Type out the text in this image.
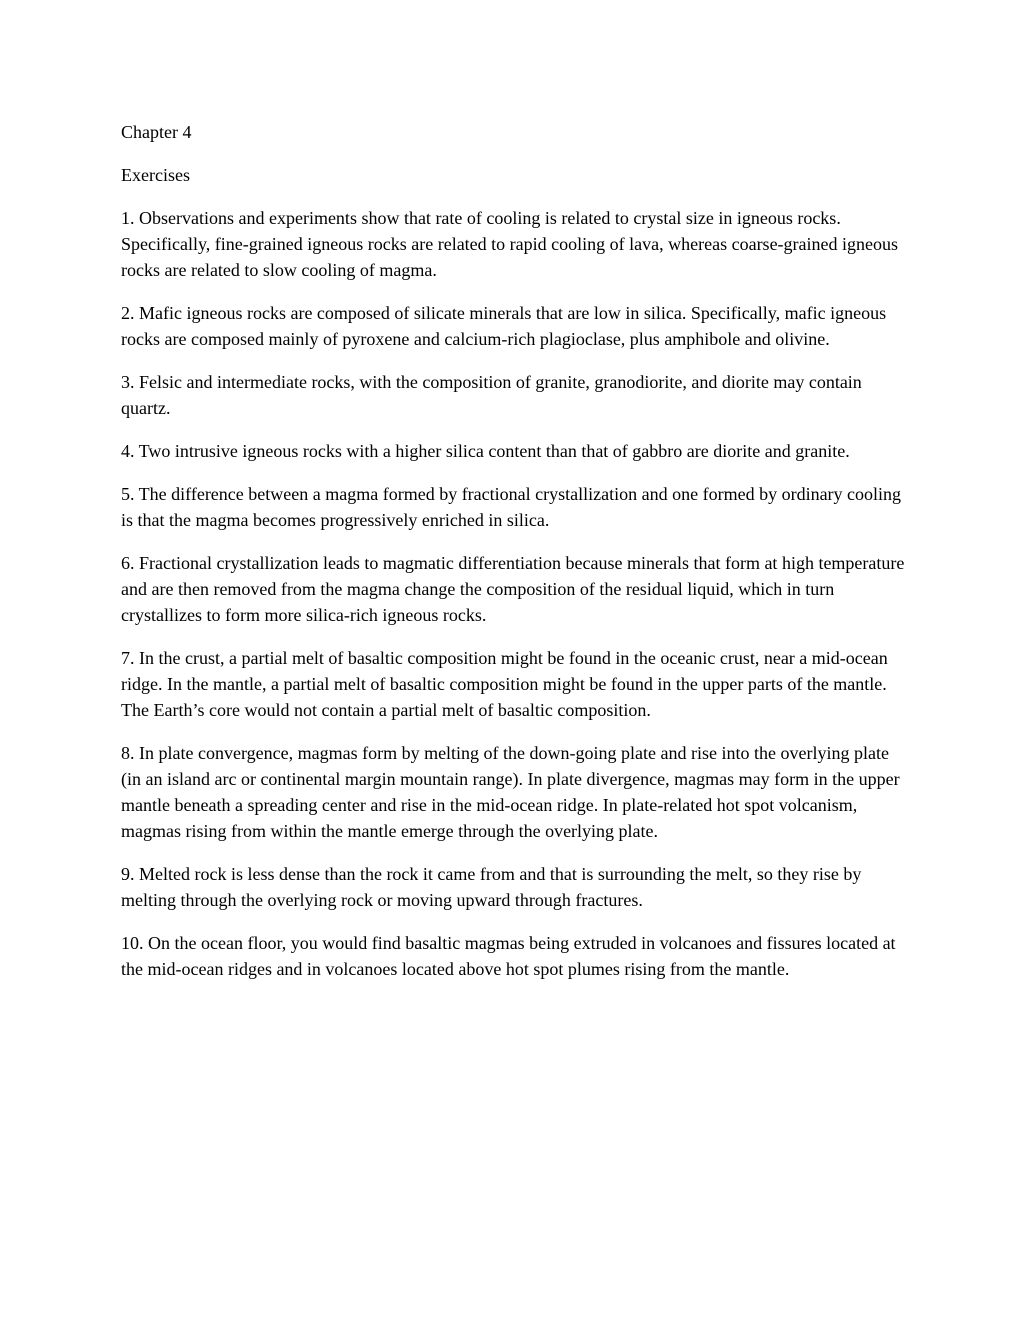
Chapter 4

Exercises

1. Observations and experiments show that rate of cooling is related to crystal size in igneous rocks. Specifically, fine-grained igneous rocks are related to rapid cooling of lava, whereas coarse-grained igneous rocks are related to slow cooling of magma.

2. Mafic igneous rocks are composed of silicate minerals that are low in silica. Specifically, mafic igneous rocks are composed mainly of pyroxene and calcium-rich plagioclase, plus amphibole and olivine.

3. Felsic and intermediate rocks, with the composition of granite, granodiorite, and diorite may contain quartz.

4. Two intrusive igneous rocks with a higher silica content than that of gabbro are diorite and granite.

5. The difference between a magma formed by fractional crystallization and one formed by ordinary cooling is that the magma becomes progressively enriched in silica.

6. Fractional crystallization leads to magmatic differentiation because minerals that form at high temperature and are then removed from the magma change the composition of the residual liquid, which in turn crystallizes to form more silica-rich igneous rocks.

7. In the crust, a partial melt of basaltic composition might be found in the oceanic crust, near a mid-ocean ridge. In the mantle, a partial melt of basaltic composition might be found in the upper parts of the mantle. The Earth’s core would not contain a partial melt of basaltic composition.

8. In plate convergence, magmas form by melting of the down-going plate and rise into the overlying plate (in an island arc or continental margin mountain range). In plate divergence, magmas may form in the upper mantle beneath a spreading center and rise in the mid-ocean ridge. In plate-related hot spot volcanism, magmas rising from within the mantle emerge through the overlying plate.

9. Melted rock is less dense than the rock it came from and that is surrounding the melt, so they rise by melting through the overlying rock or moving upward through fractures.

10. On the ocean floor, you would find basaltic magmas being extruded in volcanoes and fissures located at the mid-ocean ridges and in volcanoes located above hot spot plumes rising from the mantle.
